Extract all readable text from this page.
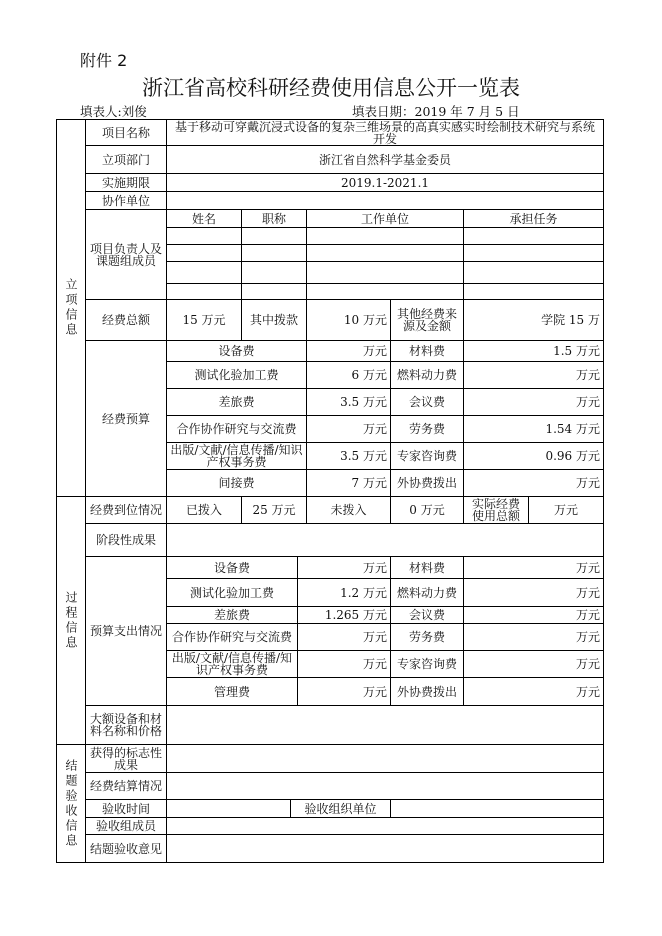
附件 2
浙江省高校科研经费使用信息公开一览表
填表人:刘俊	填表日期：2019 年 7 月 5 日
立项信息
过程信息
结题验收信息
项目名称	基于移动可穿戴沉浸式设备的复杂三维场景的高真实感实时绘制技术研究与系统开发
立项部门	浙江省自然科学基金委员
实施期限	2019.1-2021.1
协作单位
项目负责人及课题组成员
姓名	职称	工作单位	承担任务
经费总额	15 万元	其中拨款	10 万元 其他经费来源及金额	学院 15 万
经费预算
设备费	万元	材料费	1.5 万元
测试化验加工费	6 万元 燃料动力费	万元
差旅费	3.5 万元	会议费	万元
合作协作研究与交流费	万元	劳务费	1.54 万元
出版/文献/信息传播/知识产权事务费	3.5 万元 专家咨询费	0.96 万元
间接费	7 万元 外协费拨出	万元
经费到位情况	已拨入	25 万元	未拨入	0 万元	实际经费使用总额	万元
阶段性成果
预算支出情况
设备费	万元	材料费	万元
测试化验加工费	1.2 万元 燃料动力费	万元
差旅费	1.265 万元	会议费	万元
合作协作研究与交流费	万元	劳务费	万元
出版/文献/信息传播/知识产权事务费	万元 专家咨询费	万元
管理费	万元 外协费拨出	万元
大额设备和材料名称和价格
获得的标志性成果
经费结算情况
验收时间	验收组织单位
验收组成员
结题验收意见
